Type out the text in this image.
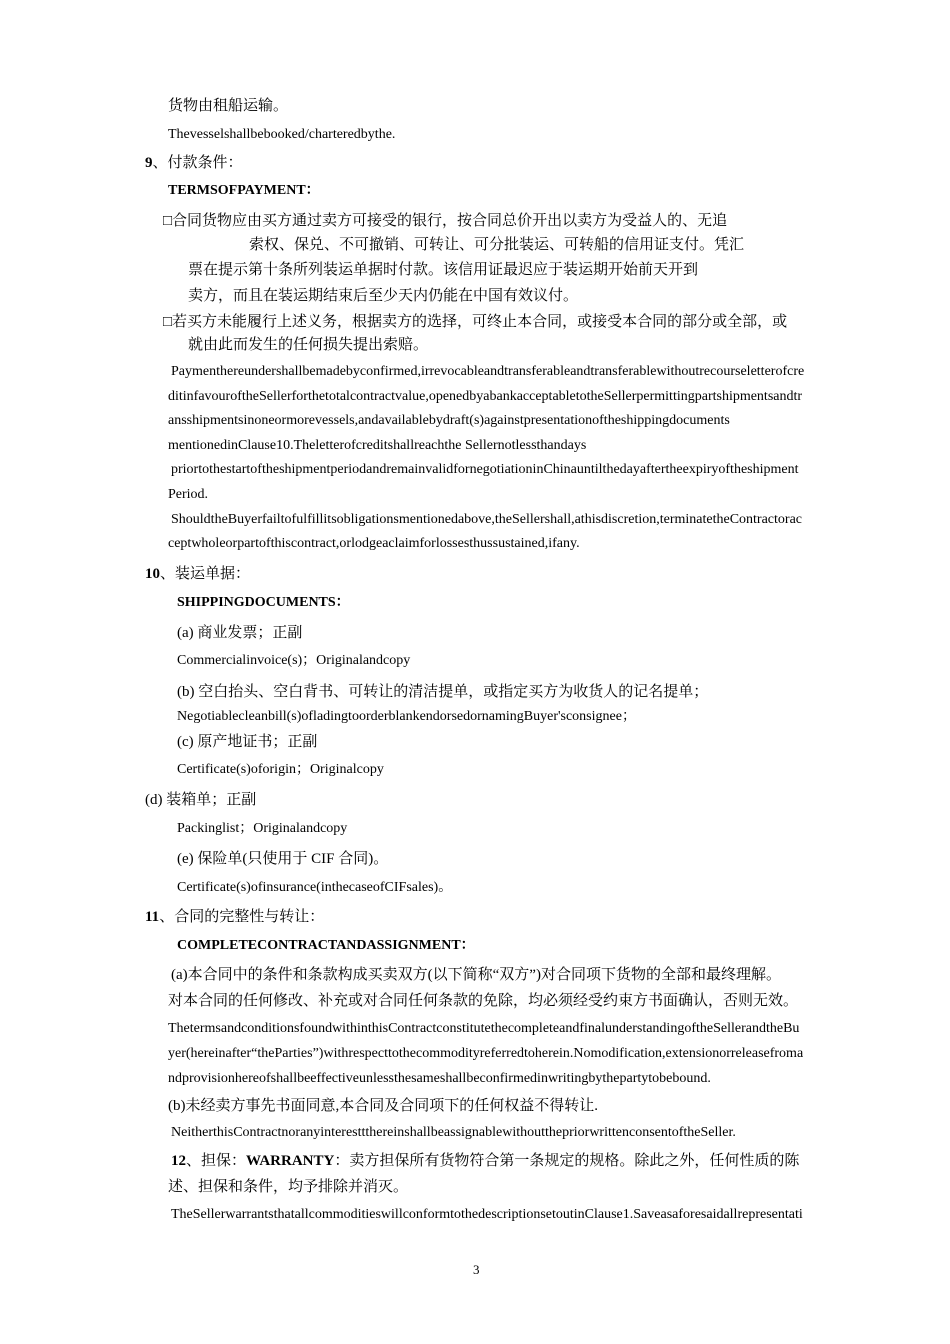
货物由租船运输。
Thevesselshallbebooked/charteredbythe.
9、付款条件：
TERMSOFPAYMENT：
□合同货物应由买方通过卖方可接受的银行，按合同总价开出以卖方为受益人的、无追
索权、保兑、不可撤销、可转让、可分批装运、可转船的信用证支付。凭汇
票在提示第十条所列装运单据时付款。该信用证最迟应于装运期开始前天开到
卖方，而且在装运期结束后至少天内仍能在中国有效议付。
□若买方未能履行上述义务，根据卖方的选择，可终止本合同，或接受本合同的部分或全部，或
就由此而发生的任何损失提出索赔。
Paymenthereundershallbemadebyconfirmed,irrevocableandtransferableandtransferablewithoutrecourseletterofcre
ditinfavouroftheSellerforthetotalcontractvalue,openedbyabankacceptabletotheSellerpermittingpartshipmentsandtr
ansshipmentsinoneormorevessels,andavailablebydraft(s)againstpresentationoftheshippingdocuments
mentionedinClause10.Theletterofcreditshallreachthe Sellernotlessthandays
priortothestartoftheshipmentperiodandremainvalidfornegotiationinChinauntilthedayaftertheexpiryoftheshipment
Period.
ShouldtheBuyerfailtofulfillitsobligationsmentionedabove,theSellershall,athisdiscretion,terminatetheContractorac
ceptwholeorpartofthiscontract,orlodgeaclaimforlossesthussustained,ifany.
10、装运单据：
SHIPPINGDOCUMENTS：
(a) 商业发票；正副
Commercialinvoice(s)；Originalandcopy
(b) 空白抬头、空白背书、可转让的清洁提单，或指定买方为收货人的记名提单；
Negotiablecleanbill(s)ofladingtoorderblankendorsedornamingBuyer'sconsignee；
(c) 原产地证书；正副
Certificate(s)oforigin；Originalcopy
(d) 装箱单；正副
Packinglist；Originalandcopy
(e) 保险单(只使用于 CIF 合同)。
Certificate(s)ofinsurance(inthecaseofCIFsales)。
11、合同的完整性与转让：
COMPLETECONTRACTANDASSIGNMENT：
(a)本合同中的条件和条款构成买卖双方(以下简称“双方”)对合同项下货物的全部和最终理解。
对本合同的任何修改、补充或对合同任何条款的免除，均必须经受约束方书面确认，否则无效。
ThetermsandconditionsfoundwithinthisContractconstitutethecompleteandfinalunderstandingoftheSellerandtheBu
yer(hereinafter“theParties”)withrespecttothecommodityreferredtoherein.Nomodification,extensionorreleasefroma
ndprovisionhereofshallbeeffectiveunlessthesameshallbeconfirmedinwritingbythepartytobebound.
(b)未经卖方事先书面同意,本合同及合同项下的任何权益不得转让.
NeitherthisContractnoranyinteresttthereinshallbeassignablewithoutthepriorwrittenconsentoftheSeller.
12、担保：WARRANTY：卖方担保所有货物符合第一条规定的规格。除此之外，任何性质的陈
述、担保和条件，均予排除并消灭。
TheSellerwarrantsthatallcommoditieswillconformtothedescriptionsetoutinClause1.Saveasaforesaidallrepresentati
3
